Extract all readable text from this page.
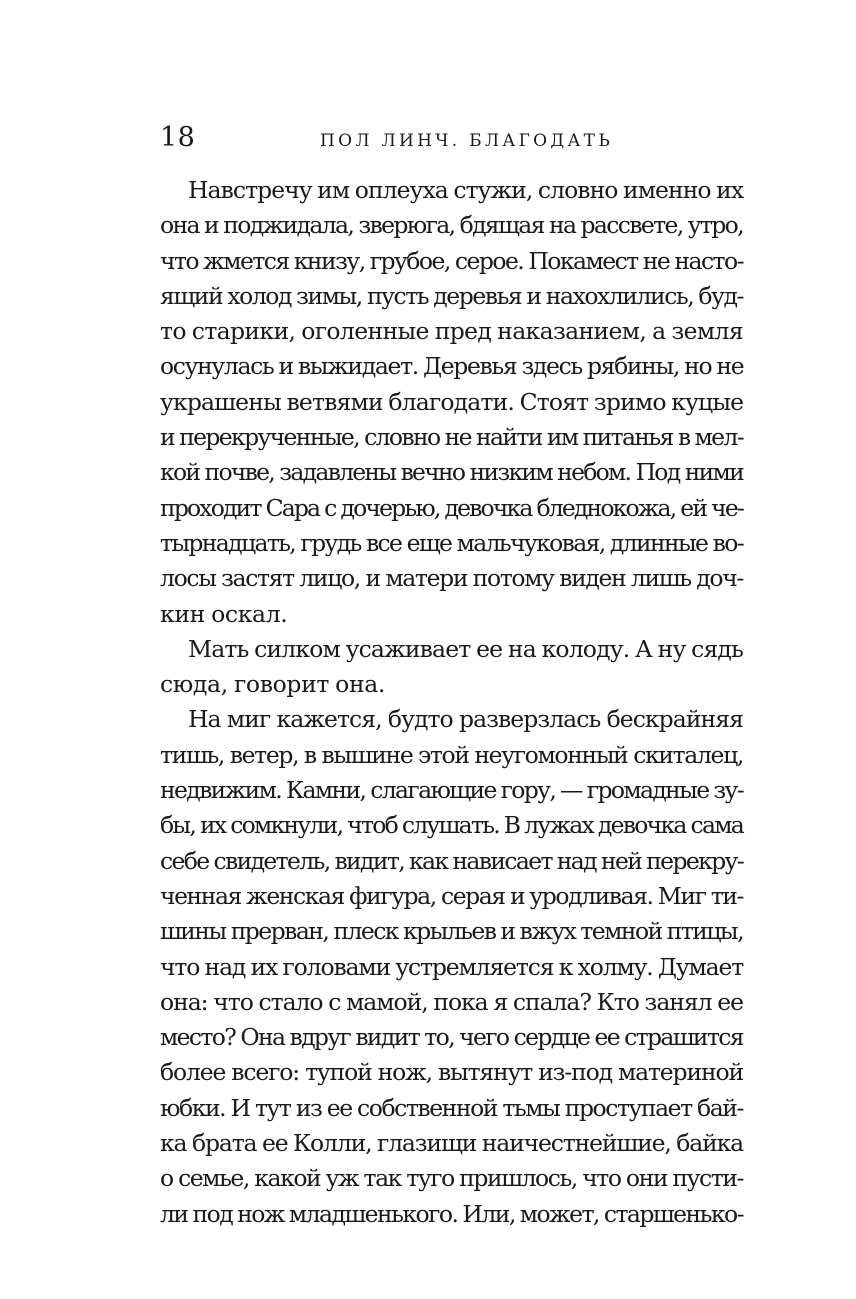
18	ПОЛ ЛИНЧ. БЛАГОДАТЬ
Навстречу им оплеуха стужи, словно именно их
она и поджидала, зверюга, бдящая на рассвете, утро,
что жмется книзу, грубое, серое. Покамест не насто-
ящий холод зимы, пусть деревья и нахохлились, буд-
то старики, оголенные пред наказанием, а земля
осунулась и выжидает. Деревья здесь рябины, но не
украшены ветвями благодати. Стоят зримо куцые
и перекрученные, словно не найти им питанья в мел-
кой почве, задавлены вечно низким небом. Под ними
проходит Сара с дочерью, девочка бледнокожа, ей че-
тырнадцать, грудь все еще мальчуковая, длинные во-
лосы застят лицо, и матери потому виден лишь доч-
кин оскал.
Мать силком усаживает ее на колоду. А ну сядь
сюда, говорит она.
На миг кажется, будто разверзлась бескрайняя
тишь, ветер, в вышине этой неугомонный скиталец,
недвижим. Камни, слагающие гору, — громадные зу-
бы, их сомкнули, чтоб слушать. В лужах девочка сама
себе свидетель, видит, как нависает над ней перекру-
ченная женская фигура, серая и уродливая. Миг ти-
шины прерван, плеск крыльев и вжух темной птицы,
что над их головами устремляется к холму. Думает
она: что стало с мамой, пока я спала? Кто занял ее
место? Она вдруг видит то, чего сердце ее страшится
более всего: тупой нож, вытянут из-под материной
юбки. И тут из ее собственной тьмы проступает бай-
ка брата ее Колли, глазищи наичестнейшие, байка
о семье, какой уж так туго пришлось, что они пусти-
ли под нож младшенького. Или, может, старшенько-
